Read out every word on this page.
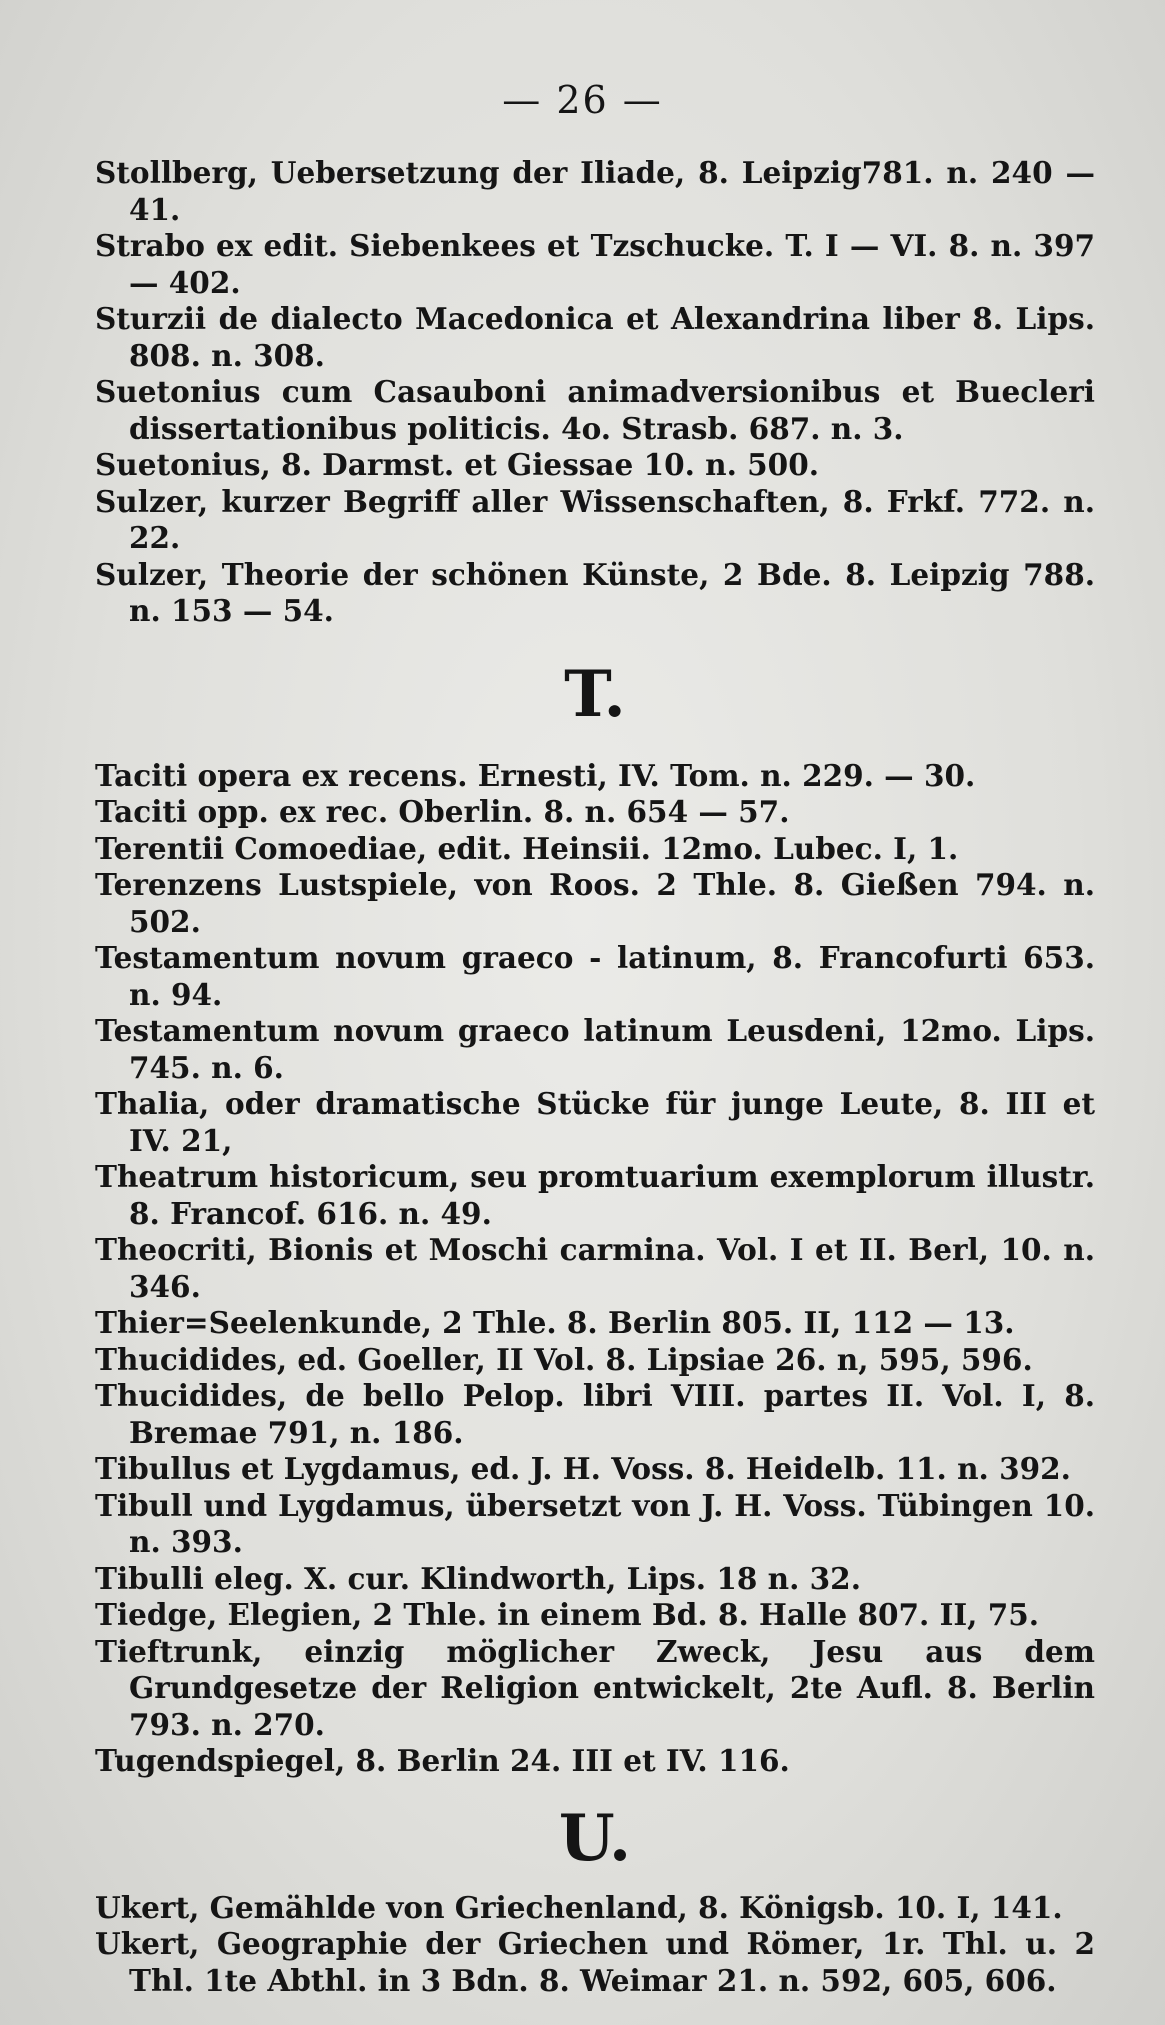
— 26 —

Stollberg, Uebersetzung der Iliade, 8. Leipzig781. n. 240 — 41.

Strabo ex edit. Siebenkees et Tzschucke. T. I — VI. 8. n. 397 — 402.

Sturzii de dialecto Macedonica et Alexandrina liber 8. Lips. 808. n. 308.

Suetonius cum Casauboni animadversionibus et Buecleri dissertationibus politicis. 4o. Strasb. 687. n. 3.

Suetonius, 8. Darmst. et Giessae 10. n. 500.

Sulzer, kurzer Begriff aller Wissenschaften, 8. Frkf. 772. n. 22.

Sulzer, Theorie der schönen Künste, 2 Bde. 8. Leipzig 788. n. 153 — 54.

T.

Taciti opera ex recens. Ernesti, IV. Tom. n. 229. — 30.

Taciti opp. ex rec. Oberlin. 8. n. 654 — 57.

Terentii Comoediae, edit. Heinsii. 12mo. Lubec. I, 1.

Terenzens Lustspiele, von Roos. 2 Thle. 8. Gießen 794. n. 502.

Testamentum novum graeco - latinum, 8. Francofurti 653. n. 94.

Testamentum novum graeco latinum Leusdeni, 12mo. Lips. 745. n. 6.

Thalia, oder dramatische Stücke für junge Leute, 8. III et IV. 21,

Theatrum historicum, seu promtuarium exemplorum illustr. 8. Francof. 616. n. 49.

Theocriti, Bionis et Moschi carmina. Vol. I et II. Berl, 10. n. 346.

Thier=Seelenkunde, 2 Thle. 8. Berlin 805. II, 112 — 13.

Thucidides, ed. Goeller, II Vol. 8. Lipsiae 26. n, 595, 596.

Thucidides, de bello Pelop. libri VIII. partes II. Vol. I, 8. Bremae 791, n. 186.

Tibullus et Lygdamus, ed. J. H. Voss. 8. Heidelb. 11. n. 392.

Tibull und Lygdamus, übersetzt von J. H. Voss. Tübingen 10. n. 393.

Tibulli eleg. X. cur. Klindworth, Lips. 18 n. 32.

Tiedge, Elegien, 2 Thle. in einem Bd. 8. Halle 807. II, 75.

Tieftrunk, einzig möglicher Zweck, Jesu aus dem Grundgesetze der Religion entwickelt, 2te Aufl. 8. Berlin 793. n. 270.

Tugendspiegel, 8. Berlin 24. III et IV. 116.

U.

Ukert, Gemählde von Griechenland, 8. Königsb. 10. I, 141.

Ukert, Geographie der Griechen und Römer, 1r. Thl. u. 2 Thl. 1te Abthl. in 3 Bdn. 8. Weimar 21. n. 592, 605, 606.
